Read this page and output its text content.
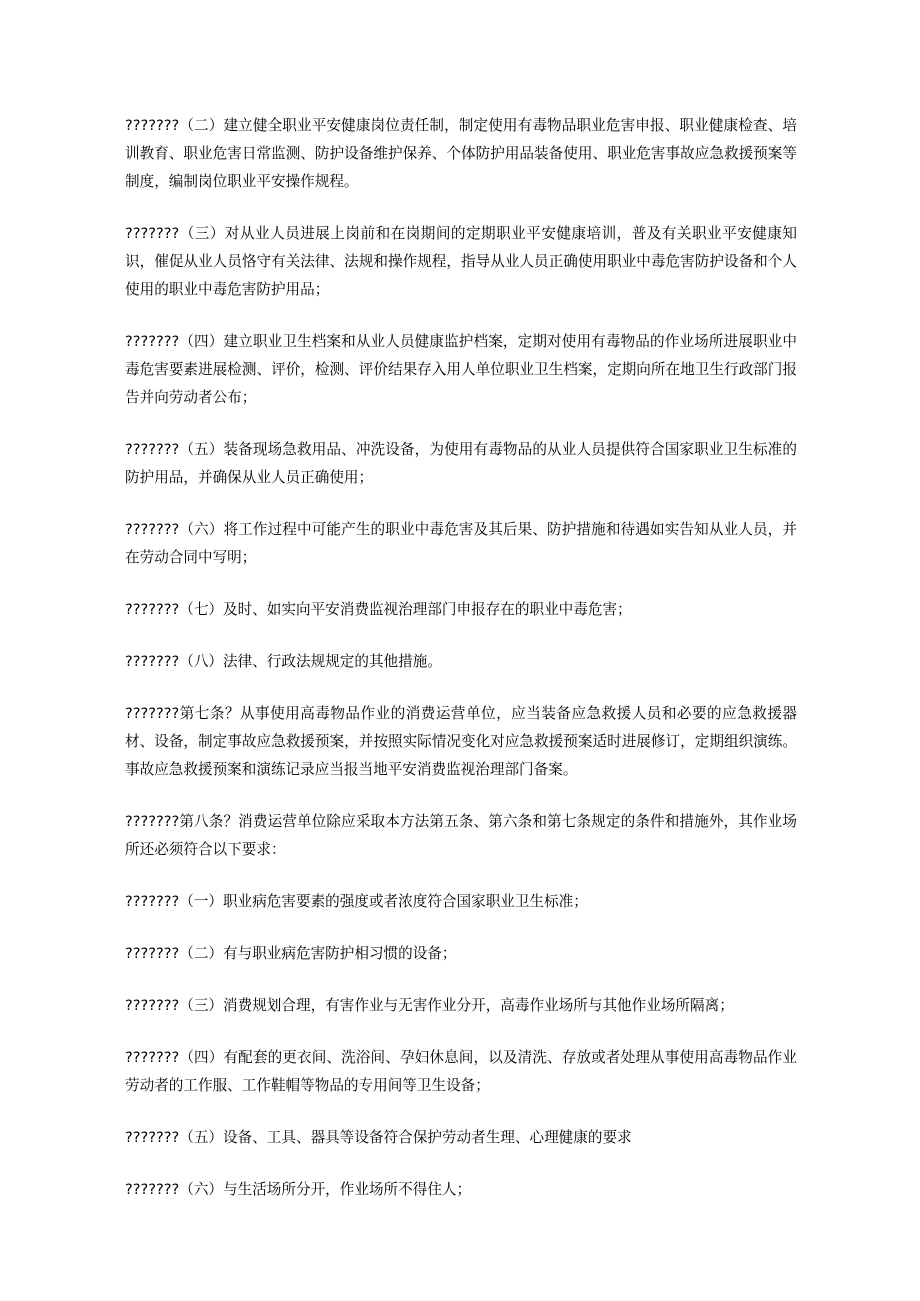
???????（二）建立健全职业平安健康岗位责任制，制定使用有毒物品职业危害申报、职业健康检查、培训教育、职业危害日常监测、防护设备维护保养、个体防护用品装备使用、职业危害事故应急救援预案等制度，编制岗位职业平安操作规程。

???????（三）对从业人员进展上岗前和在岗期间的定期职业平安健康培训，普及有关职业平安健康知识，催促从业人员恪守有关法律、法规和操作规程，指导从业人员正确使用职业中毒危害防护设备和个人使用的职业中毒危害防护用品；

???????（四）建立职业卫生档案和从业人员健康监护档案，定期对使用有毒物品的作业场所进展职业中毒危害要素进展检测、评价，检测、评价结果存入用人单位职业卫生档案，定期向所在地卫生行政部门报告并向劳动者公布；

???????（五）装备现场急救用品、冲洗设备，为使用有毒物品的从业人员提供符合国家职业卫生标准的防护用品，并确保从业人员正确使用；

???????（六）将工作过程中可能产生的职业中毒危害及其后果、防护措施和待遇如实告知从业人员，并在劳动合同中写明；

???????（七）及时、如实向平安消费监视治理部门申报存在的职业中毒危害；

???????（八）法律、行政法规规定的其他措施。

???????第七条？从事使用高毒物品作业的消费运营单位，应当装备应急救援人员和必要的应急救援器材、设备，制定事故应急救援预案，并按照实际情况变化对应急救援预案适时进展修订，定期组织演练。事故应急救援预案和演练记录应当报当地平安消费监视治理部门备案。

???????第八条？消费运营单位除应采取本方法第五条、第六条和第七条规定的条件和措施外，其作业场所还必须符合以下要求：

???????（一）职业病危害要素的强度或者浓度符合国家职业卫生标准；

???????（二）有与职业病危害防护相习惯的设备；

???????（三）消费规划合理，有害作业与无害作业分开，高毒作业场所与其他作业场所隔离；

???????（四）有配套的更衣间、洗浴间、孕妇休息间，以及清洗、存放或者处理从事使用高毒物品作业劳动者的工作服、工作鞋帽等物品的专用间等卫生设备；

???????（五）设备、工具、器具等设备符合保护劳动者生理、心理健康的要求

???????（六）与生活场所分开，作业场所不得住人；
